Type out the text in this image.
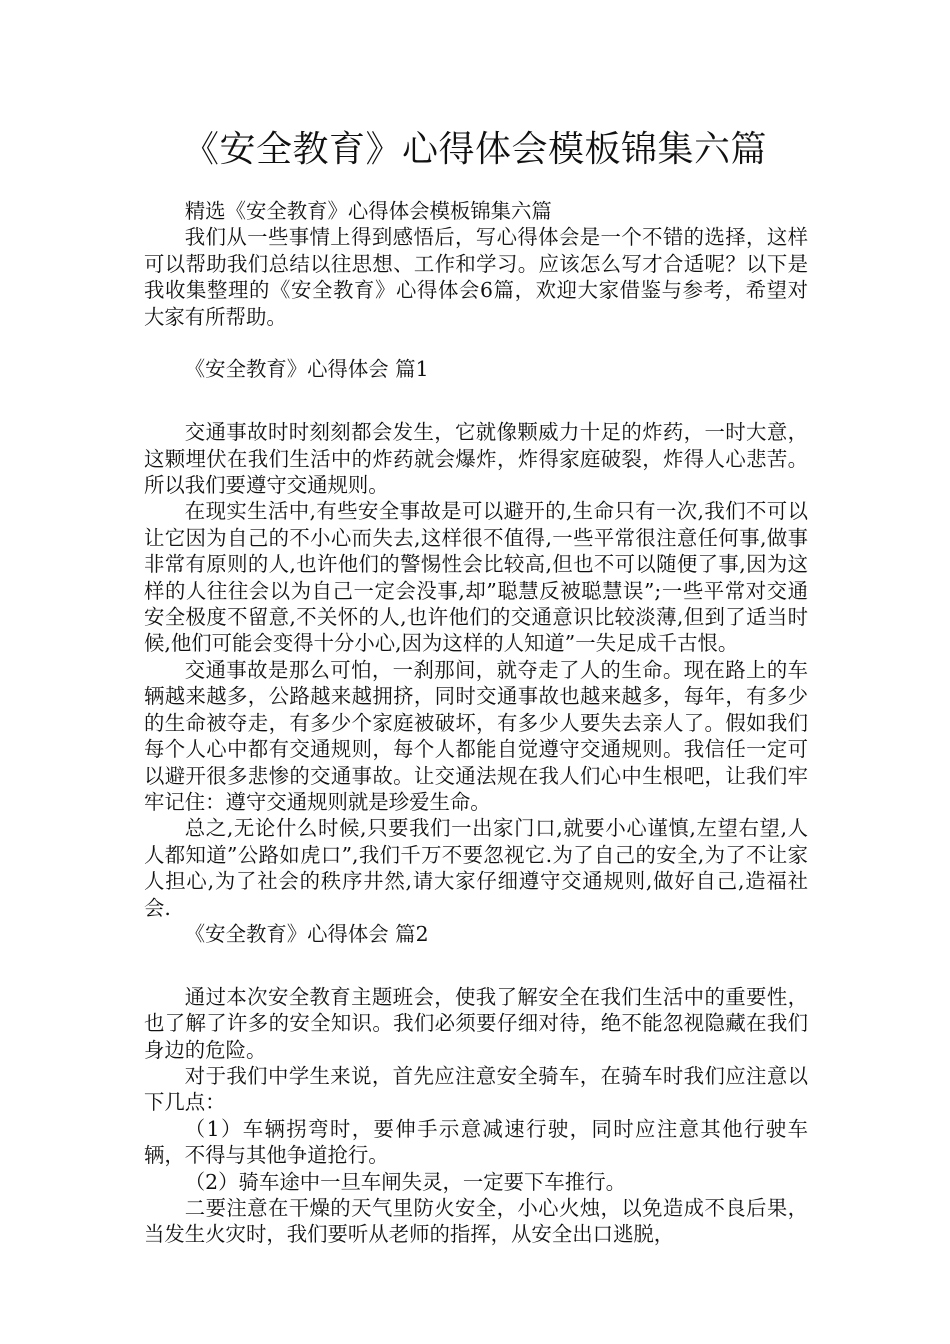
《安全教育》心得体会模板锦集六篇

精选《安全教育》心得体会模板锦集六篇

我们从一些事情上得到感悟后，写心得体会是一个不错的选择，这样可以帮助我们总结以往思想、工作和学习。应该怎么写才合适呢？以下是我收集整理的《安全教育》心得体会6篇，欢迎大家借鉴与参考，希望对大家有所帮助。

《安全教育》心得体会 篇1

交通事故时时刻刻都会发生，它就像颗威力十足的炸药，一时大意，这颗埋伏在我们生活中的炸药就会爆炸，炸得家庭破裂，炸得人心悲苦。所以我们要遵守交通规则。

在现实生活中,有些安全事故是可以避开的,生命只有一次,我们不可以让它因为自己的不小心而失去,这样很不值得,一些平常很注意任何事,做事非常有原则的人,也许他们的警惕性会比较高,但也不可以随便了事,因为这样的人往往会以为自己一定会没事,却”聪慧反被聪慧误”;一些平常对交通安全极度不留意,不关怀的人,也许他们的交通意识比较淡薄,但到了适当时候,他们可能会变得十分小心,因为这样的人知道”一失足成千古恨。

交通事故是那么可怕，一刹那间，就夺走了人的生命。现在路上的车辆越来越多，公路越来越拥挤，同时交通事故也越来越多，每年，有多少的生命被夺走，有多少个家庭被破坏，有多少人要失去亲人了。假如我们每个人心中都有交通规则，每个人都能自觉遵守交通规则。我信任一定可以避开很多悲惨的交通事故。让交通法规在我人们心中生根吧，让我们牢牢记住：遵守交通规则就是珍爱生命。

总之,无论什么时候,只要我们一出家门口,就要小心谨慎,左望右望,人人都知道”公路如虎口”,我们千万不要忽视它.为了自己的安全,为了不让家人担心,为了社会的秩序井然,请大家仔细遵守交通规则,做好自己,造福社会.

《安全教育》心得体会 篇2

通过本次安全教育主题班会，使我了解安全在我们生活中的重要性，也了解了许多的安全知识。我们必须要仔细对待，绝不能忽视隐藏在我们身边的危险。

对于我们中学生来说，首先应注意安全骑车，在骑车时我们应注意以下几点：

（1）车辆拐弯时，要伸手示意减速行驶，同时应注意其他行驶车辆，不得与其他争道抢行。

（2）骑车途中一旦车闸失灵，一定要下车推行。

二要注意在干燥的天气里防火安全，小心火烛，以免造成不良后果，当发生火灾时，我们要听从老师的指挥，从安全出口逃脱，
